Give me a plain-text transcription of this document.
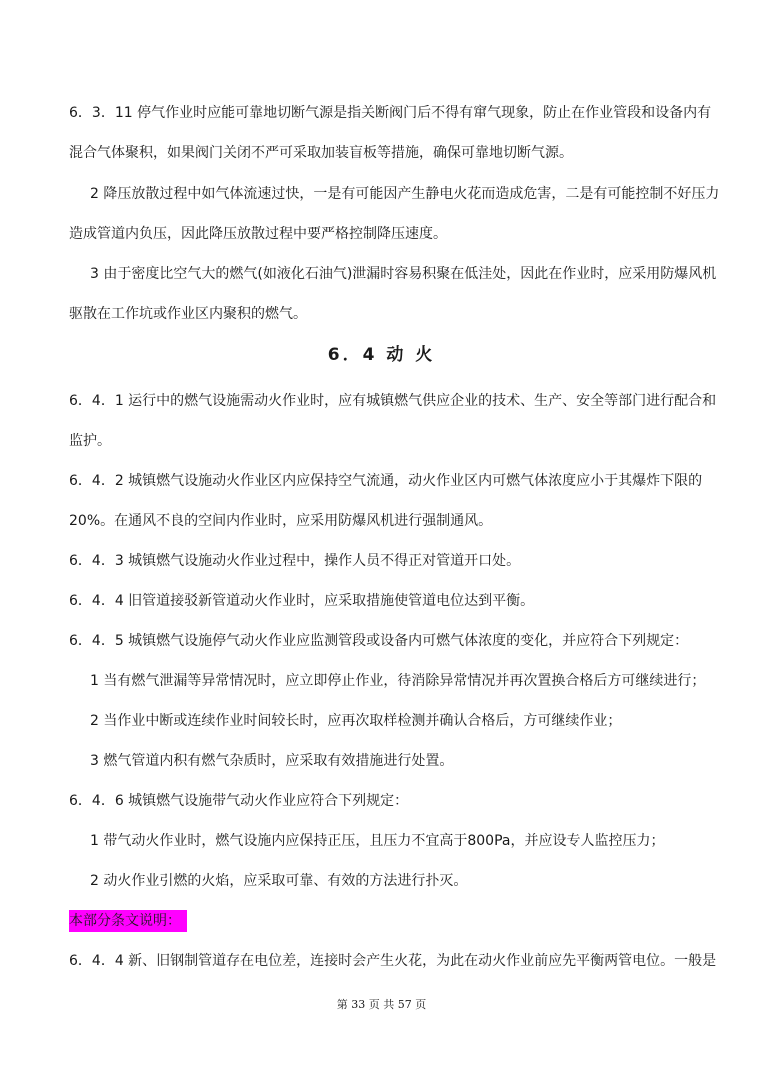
6．3．11 停气作业时应能可靠地切断气源是指关断阀门后不得有窜气现象，防止在作业管段和设备内有
混合气体聚积，如果阀门关闭不严可采取加装盲板等措施，确保可靠地切断气源。
2 降压放散过程中如气体流速过快，一是有可能因产生静电火花而造成危害，二是有可能控制不好压力
造成管道内负压，因此降压放散过程中要严格控制降压速度。
3 由于密度比空气大的燃气(如液化石油气)泄漏时容易积聚在低洼处，因此在作业时，应采用防爆风机
驱散在工作坑或作业区内聚积的燃气。
6．4 动 火
6．4．1 运行中的燃气设施需动火作业时，应有城镇燃气供应企业的技术、生产、安全等部门进行配合和
监护。
6．4．2 城镇燃气设施动火作业区内应保持空气流通，动火作业区内可燃气体浓度应小于其爆炸下限的
20%。在通风不良的空间内作业时，应采用防爆风机进行强制通风。
6．4．3 城镇燃气设施动火作业过程中，操作人员不得正对管道开口处。
6．4．4 旧管道接驳新管道动火作业时，应采取措施使管道电位达到平衡。
6．4．5 城镇燃气设施停气动火作业应监测管段或设备内可燃气体浓度的变化，并应符合下列规定：
1 当有燃气泄漏等异常情况时，应立即停止作业，待消除异常情况并再次置换合格后方可继续进行；
2 当作业中断或连续作业时间较长时，应再次取样检测并确认合格后，方可继续作业；
3 燃气管道内积有燃气杂质时，应采取有效措施进行处置。
6．4．6 城镇燃气设施带气动火作业应符合下列规定：
1 带气动火作业时，燃气设施内应保持正压，且压力不宜高于800Pa，并应设专人监控压力；
2 动火作业引燃的火焰，应采取可靠、有效的方法进行扑灭。
本部分条文说明：
6．4．4 新、旧钢制管道存在电位差，连接时会产生火花，为此在动火作业前应先平衡两管电位。一般是
第 33 页 共 57 页
